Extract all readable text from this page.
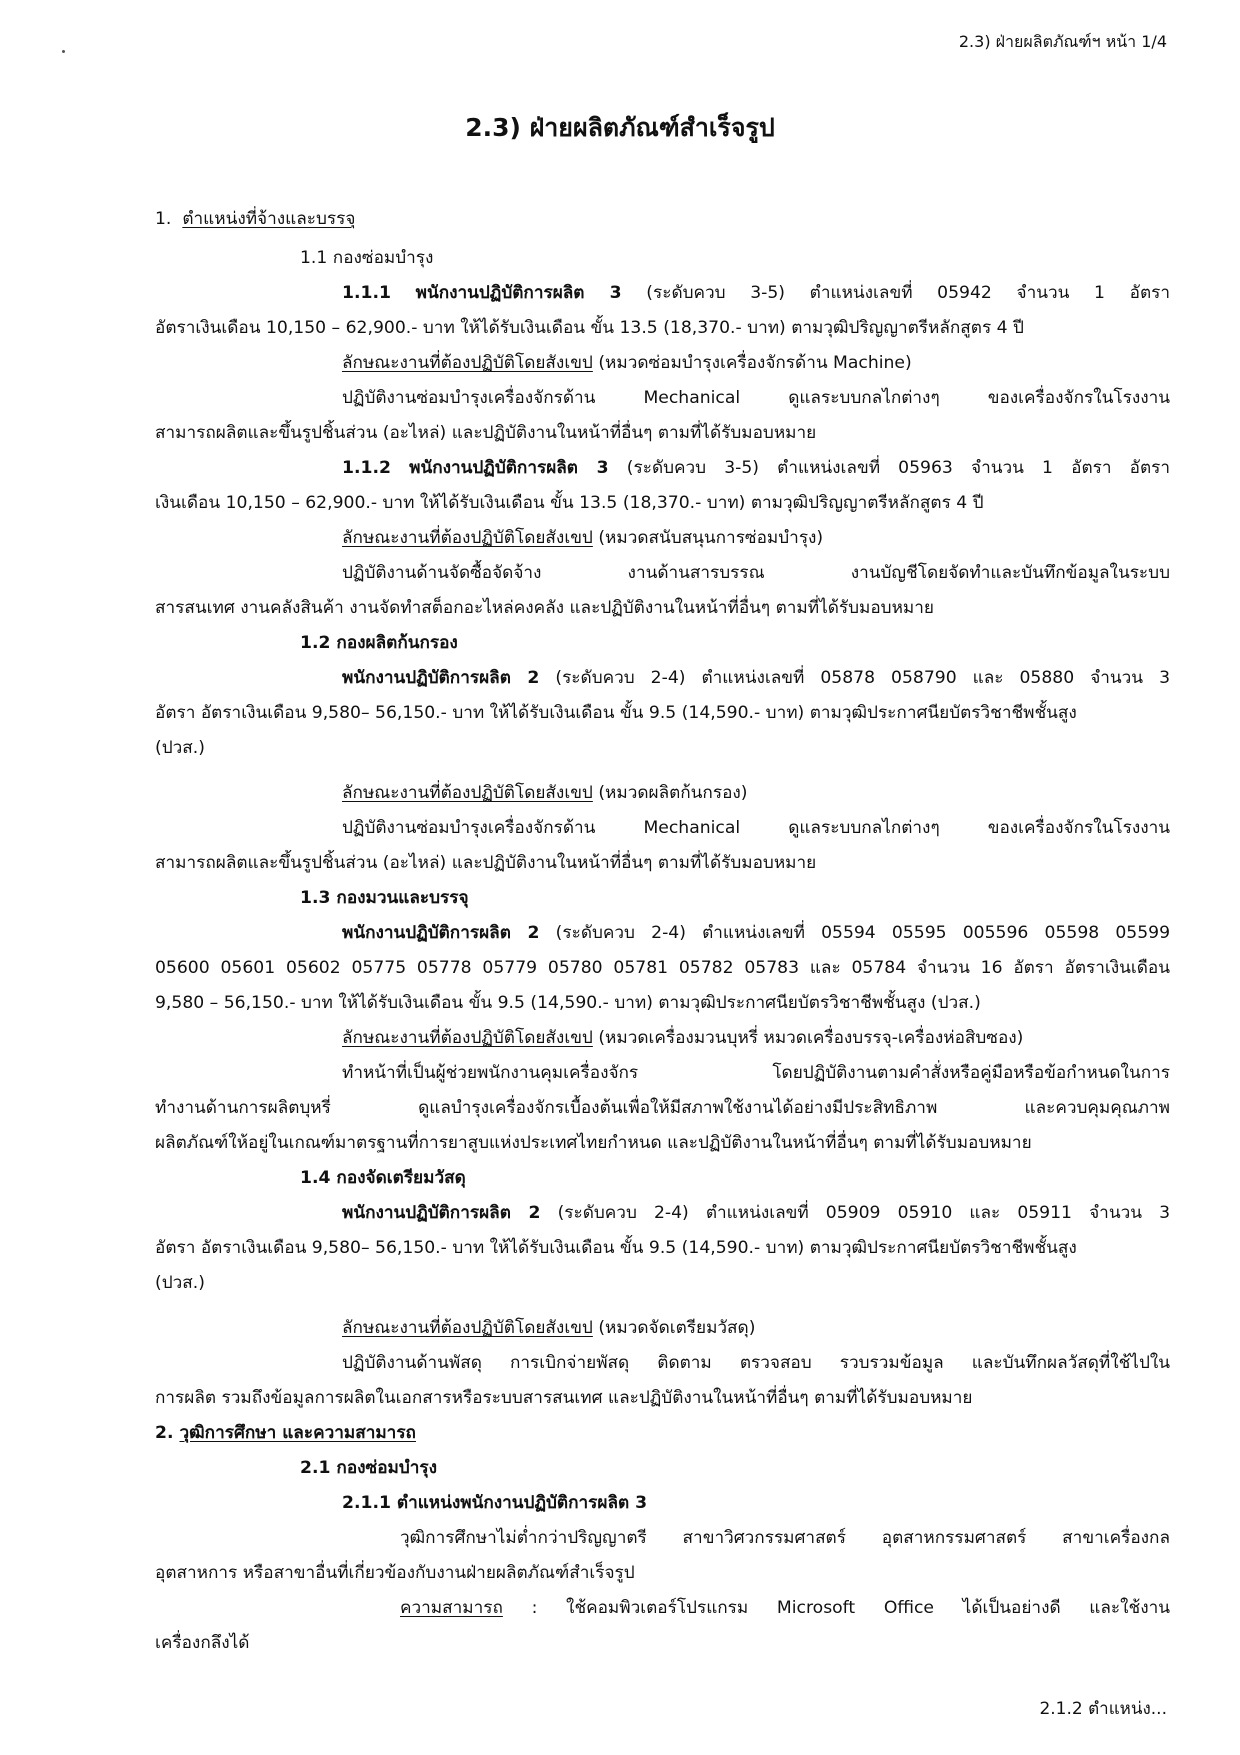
2.3) ฝ่ายผลิตภัณฑ์ฯ หน้า 1/4
2.3) ฝ่ายผลิตภัณฑ์สำเร็จรูป
1. ตำแหน่งที่จ้างและบรรจุ
1.1 กองซ่อมบำรุง
1.1.1 พนักงานปฏิบัติการผลิต 3 (ระดับควบ 3-5) ตำแหน่งเลขที่ 05942 จำนวน 1 อัตรา
อัตราเงินเดือน 10,150 – 62,900.- บาท ให้ได้รับเงินเดือน ขั้น 13.5 (18,370.- บาท) ตามวุฒิปริญญาตรีหลักสูตร 4 ปี
ลักษณะงานที่ต้องปฏิบัติโดยสังเขป (หมวดซ่อมบำรุงเครื่องจักรด้าน Machine)
ปฏิบัติงานซ่อมบำรุงเครื่องจักรด้าน Mechanical ดูแลระบบกลไกต่างๆ ของเครื่องจักรในโรงงาน
สามารถผลิตและขึ้นรูปชิ้นส่วน (อะไหล่) และปฏิบัติงานในหน้าที่อื่นๆ ตามที่ได้รับมอบหมาย
1.1.2 พนักงานปฏิบัติการผลิต 3 (ระดับควบ 3-5) ตำแหน่งเลขที่ 05963 จำนวน 1 อัตรา อัตรา
เงินเดือน 10,150 – 62,900.- บาท ให้ได้รับเงินเดือน ขั้น 13.5 (18,370.- บาท) ตามวุฒิปริญญาตรีหลักสูตร 4 ปี
ลักษณะงานที่ต้องปฏิบัติโดยสังเขป (หมวดสนับสนุนการซ่อมบำรุง)
ปฏิบัติงานด้านจัดซื้อจัดจ้าง งานด้านสารบรรณ งานบัญชีโดยจัดทำและบันทึกข้อมูลในระบบ
สารสนเทศ งานคลังสินค้า งานจัดทำสต็อกอะไหล่คงคลัง และปฏิบัติงานในหน้าที่อื่นๆ ตามที่ได้รับมอบหมาย
1.2 กองผลิตก้นกรอง
พนักงานปฏิบัติการผลิต 2 (ระดับควบ 2-4) ตำแหน่งเลขที่ 05878 058790 และ 05880 จำนวน 3
อัตรา อัตราเงินเดือน 9,580– 56,150.- บาท ให้ได้รับเงินเดือน ขั้น 9.5 (14,590.- บาท) ตามวุฒิประกาศนียบัตรวิชาชีพชั้นสูง
(ปวส.)
ลักษณะงานที่ต้องปฏิบัติโดยสังเขป (หมวดผลิตก้นกรอง)
ปฏิบัติงานซ่อมบำรุงเครื่องจักรด้าน Mechanical ดูแลระบบกลไกต่างๆ ของเครื่องจักรในโรงงาน
สามารถผลิตและขึ้นรูปชิ้นส่วน (อะไหล่) และปฏิบัติงานในหน้าที่อื่นๆ ตามที่ได้รับมอบหมาย
1.3 กองมวนและบรรจุ
พนักงานปฏิบัติการผลิต 2 (ระดับควบ 2-4) ตำแหน่งเลขที่ 05594 05595 005596 05598 05599
05600 05601 05602 05775 05778 05779 05780 05781 05782 05783 และ 05784 จำนวน 16 อัตรา อัตราเงินเดือน
9,580 – 56,150.- บาท ให้ได้รับเงินเดือน ขั้น 9.5 (14,590.- บาท) ตามวุฒิประกาศนียบัตรวิชาชีพชั้นสูง (ปวส.)
ลักษณะงานที่ต้องปฏิบัติโดยสังเขป (หมวดเครื่องมวนบุหรี่ หมวดเครื่องบรรจุ-เครื่องห่อสิบซอง)
ทำหน้าที่เป็นผู้ช่วยพนักงานคุมเครื่องจักร โดยปฏิบัติงานตามคำสั่งหรือคู่มือหรือข้อกำหนดในการ
ทำงานด้านการผลิตบุหรี่ ดูแลบำรุงเครื่องจักรเบื้องต้นเพื่อให้มีสภาพใช้งานได้อย่างมีประสิทธิภาพ และควบคุมคุณภาพ
ผลิตภัณฑ์ให้อยู่ในเกณฑ์มาตรฐานที่การยาสูบแห่งประเทศไทยกำหนด และปฏิบัติงานในหน้าที่อื่นๆ ตามที่ได้รับมอบหมาย
1.4 กองจัดเตรียมวัสดุ
พนักงานปฏิบัติการผลิต 2 (ระดับควบ 2-4) ตำแหน่งเลขที่ 05909 05910 และ 05911 จำนวน 3
อัตรา อัตราเงินเดือน 9,580– 56,150.- บาท ให้ได้รับเงินเดือน ขั้น 9.5 (14,590.- บาท) ตามวุฒิประกาศนียบัตรวิชาชีพชั้นสูง
(ปวส.)
ลักษณะงานที่ต้องปฏิบัติโดยสังเขป (หมวดจัดเตรียมวัสดุ)
ปฏิบัติงานด้านพัสดุ การเบิกจ่ายพัสดุ ติดตาม ตรวจสอบ รวบรวมข้อมูล และบันทึกผลวัสดุที่ใช้ไปใน
การผลิต รวมถึงข้อมูลการผลิตในเอกสารหรือระบบสารสนเทศ และปฏิบัติงานในหน้าที่อื่นๆ ตามที่ได้รับมอบหมาย
2. วุฒิการศึกษา และความสามารถ
2.1 กองซ่อมบำรุง
2.1.1 ตำแหน่งพนักงานปฏิบัติการผลิต 3
วุฒิการศึกษาไม่ต่ำกว่าปริญญาตรี สาขาวิศวกรรมศาสตร์ อุตสาหกรรมศาสตร์ สาขาเครื่องกล
อุตสาหการ หรือสาขาอื่นที่เกี่ยวข้องกับงานฝ่ายผลิตภัณฑ์สำเร็จรูป
ความสามารถ : ใช้คอมพิวเตอร์โปรแกรม Microsoft Office ได้เป็นอย่างดี และใช้งาน
เครื่องกลึงได้
2.1.2 ตำแหน่ง...
